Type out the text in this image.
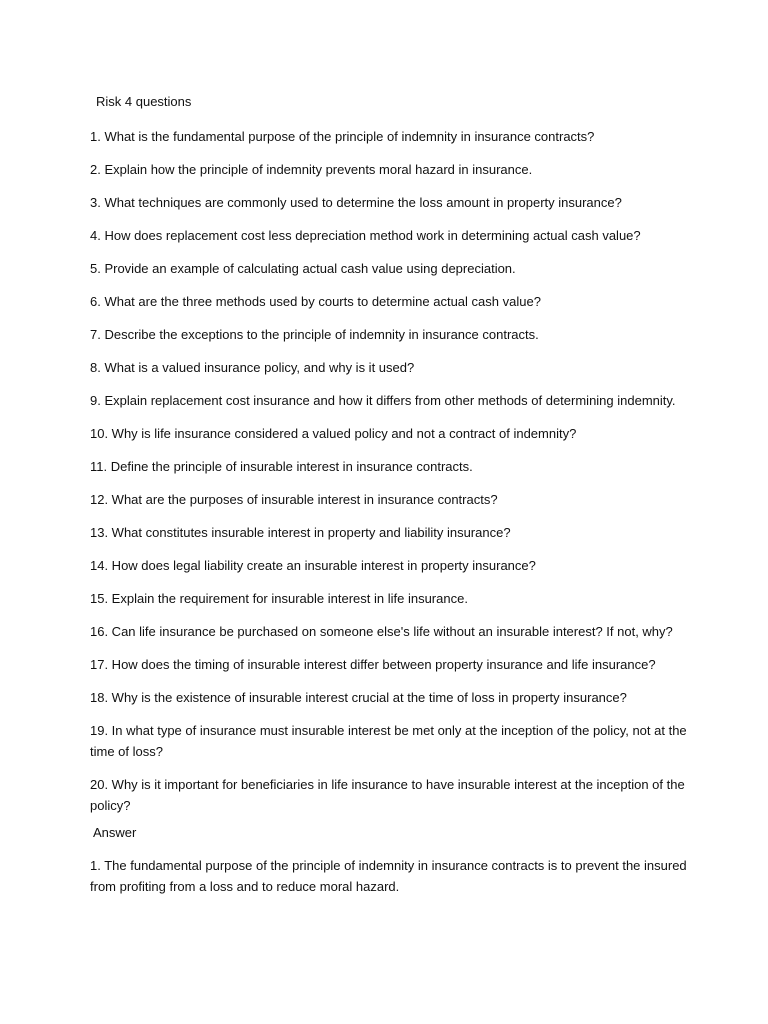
Risk 4 questions
1. What is the fundamental purpose of the principle of indemnity in insurance contracts?
2. Explain how the principle of indemnity prevents moral hazard in insurance.
3. What techniques are commonly used to determine the loss amount in property insurance?
4. How does replacement cost less depreciation method work in determining actual cash value?
5. Provide an example of calculating actual cash value using depreciation.
6. What are the three methods used by courts to determine actual cash value?
7. Describe the exceptions to the principle of indemnity in insurance contracts.
8. What is a valued insurance policy, and why is it used?
9. Explain replacement cost insurance and how it differs from other methods of determining indemnity.
10. Why is life insurance considered a valued policy and not a contract of indemnity?
11. Define the principle of insurable interest in insurance contracts.
12. What are the purposes of insurable interest in insurance contracts?
13. What constitutes insurable interest in property and liability insurance?
14. How does legal liability create an insurable interest in property insurance?
15. Explain the requirement for insurable interest in life insurance.
16. Can life insurance be purchased on someone else's life without an insurable interest? If not, why?
17. How does the timing of insurable interest differ between property insurance and life insurance?
18. Why is the existence of insurable interest crucial at the time of loss in property insurance?
19. In what type of insurance must insurable interest be met only at the inception of the policy, not at the time of loss?
20. Why is it important for beneficiaries in life insurance to have insurable interest at the inception of the policy?
Answer
1. The fundamental purpose of the principle of indemnity in insurance contracts is to prevent the insured from profiting from a loss and to reduce moral hazard.
